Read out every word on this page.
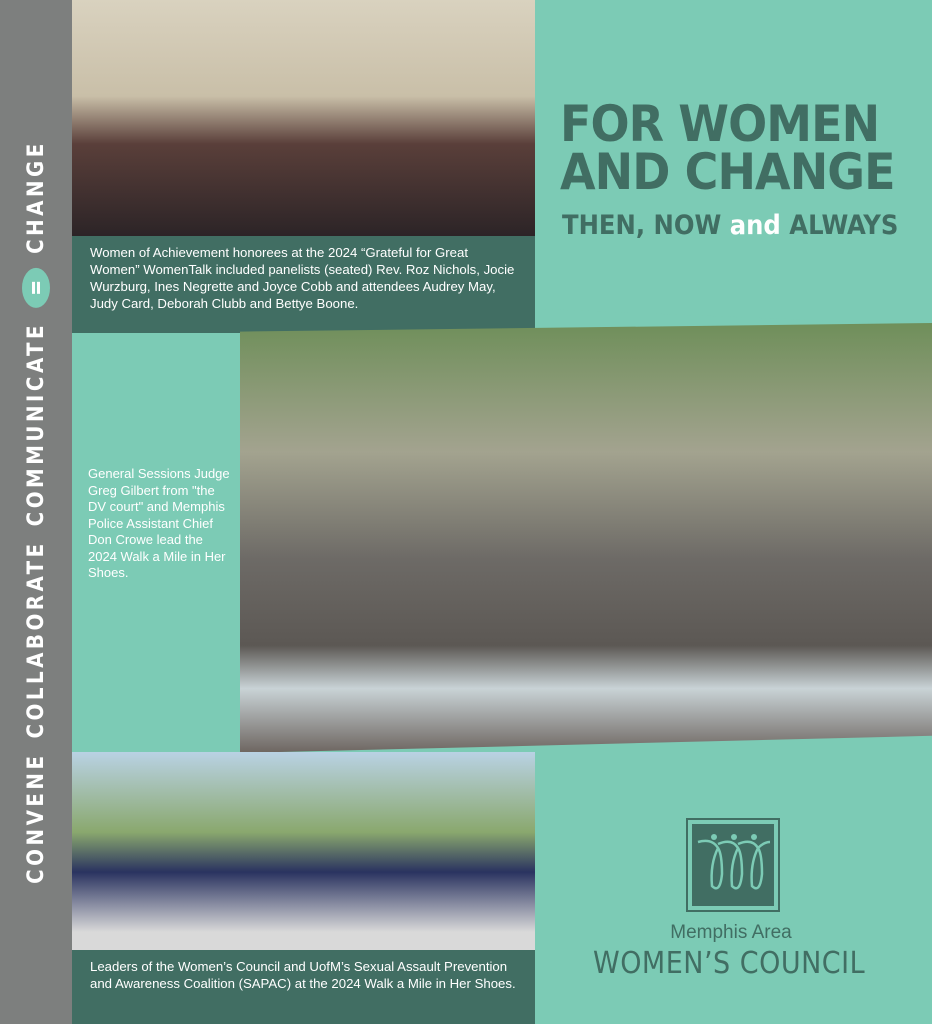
CONVENE
COLLABORATE
COMMUNICATE
CHANGE	Women of Achievement honorees at the 2024 “Grateful for Great Women” WomenTalk included panelists (seated) Rev. Roz Nichols, Jocie Wurzburg, Ines Negrette and Joyce Cobb and attendees Audrey May, Judy Card, Deborah Clubb and Bettye Boone.
FOR WOMEN
AND CHANGE
THEN, NOW and ALWAYS
General Sessions Judge Greg Gilbert from "the DV court" and Memphis Police Assistant Chief Don Crowe lead the 2024 Walk a Mile in Her Shoes.
Leaders of the Women’s Council and UofM’s Sexual Assault Prevention and Awareness Coalition (SAPAC) at the 2024 Walk a Mile in Her Shoes.
Memphis Area
WOMEN’S COUNCIL
